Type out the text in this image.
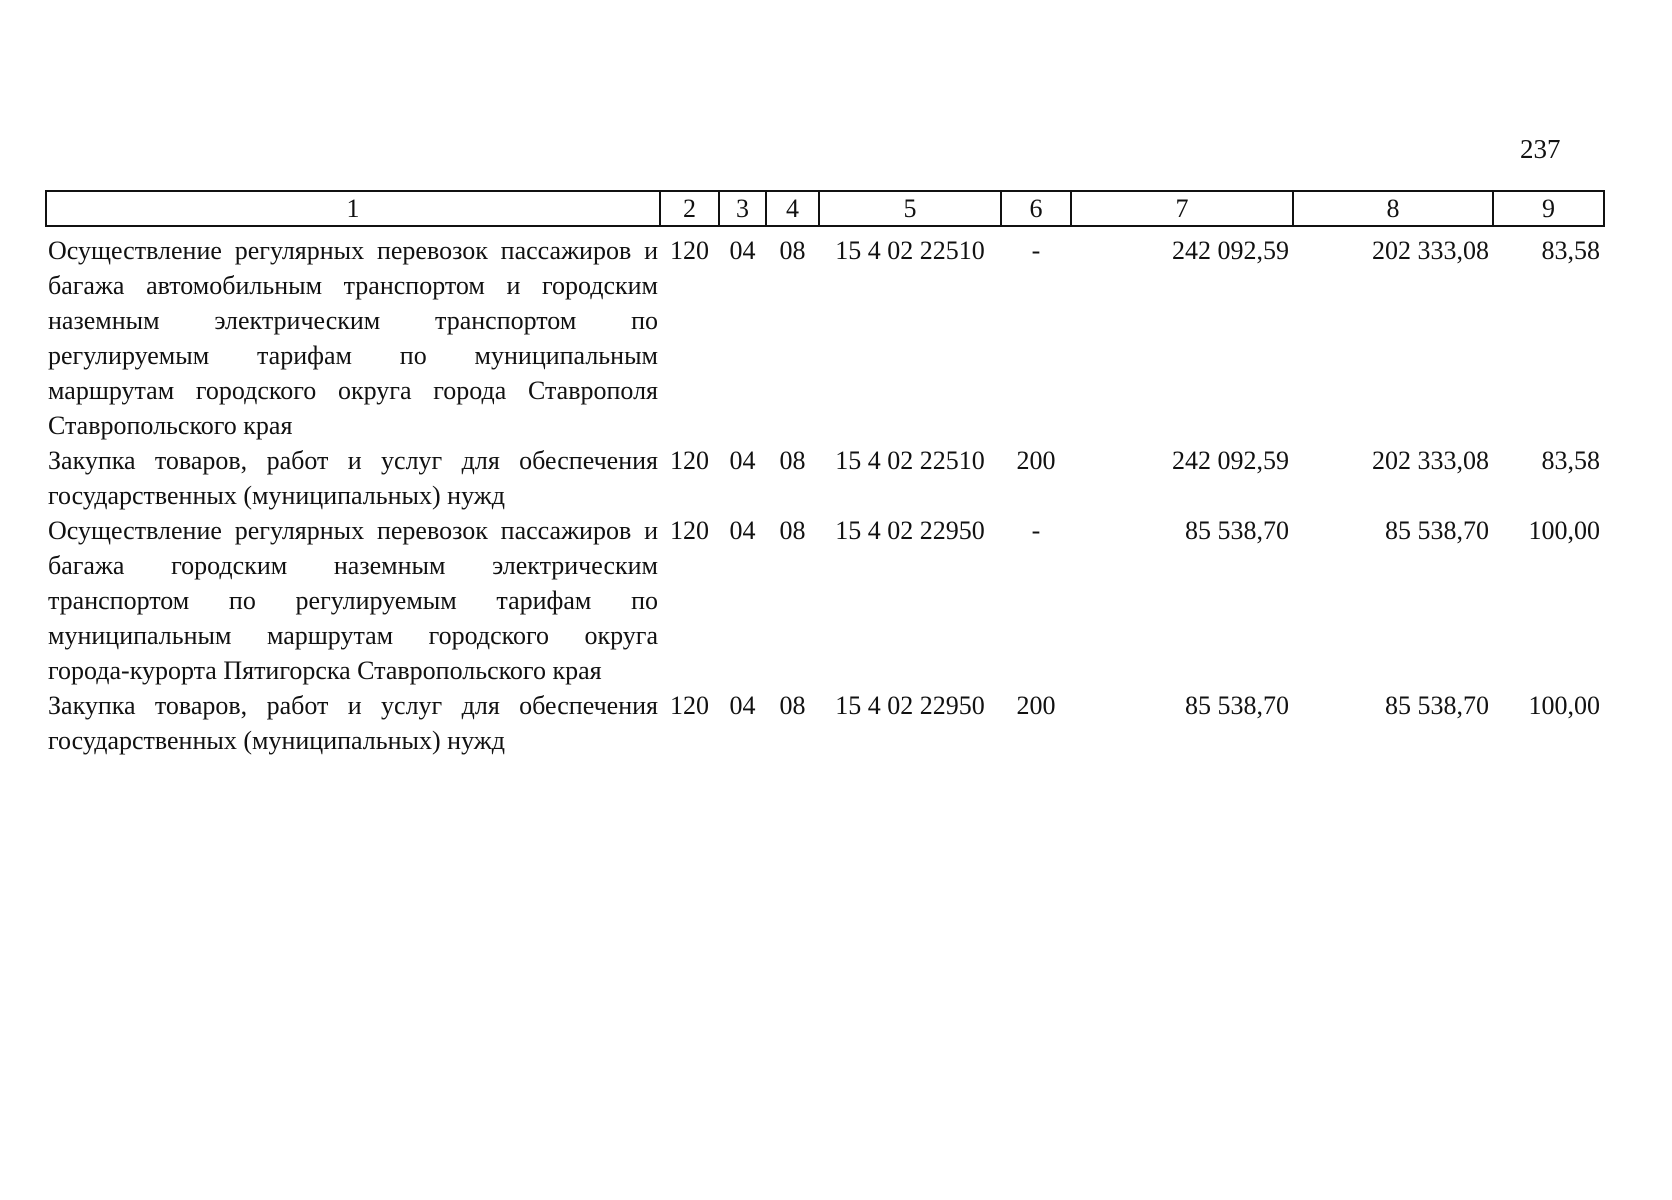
237
1	2	3	4	5	6	7	8	9
Осуществление регулярных перевозок пассажиров и багажа автомобильным транспортом и городским наземным электрическим транспортом по регулируемым тарифам по муниципальным маршрутам городского округа города Ставрополя Ставропольского края	120	04	08	15 4 02 22510	-	242 092,59	202 333,08	83,58
Закупка товаров, работ и услуг для обеспечения государственных (муниципальных) нужд	120	04	08	15 4 02 22510	200	242 092,59	202 333,08	83,58
Осуществление регулярных перевозок пассажиров и багажа городским наземным электрическим транспортом по регулируемым тарифам по муниципальным маршрутам городского округа города-курорта Пятигорска Ставропольского края	120	04	08	15 4 02 22950	-	85 538,70	85 538,70	100,00
Закупка товаров, работ и услуг для обеспечения государственных (муниципальных) нужд	120	04	08	15 4 02 22950	200	85 538,70	85 538,70	100,00
